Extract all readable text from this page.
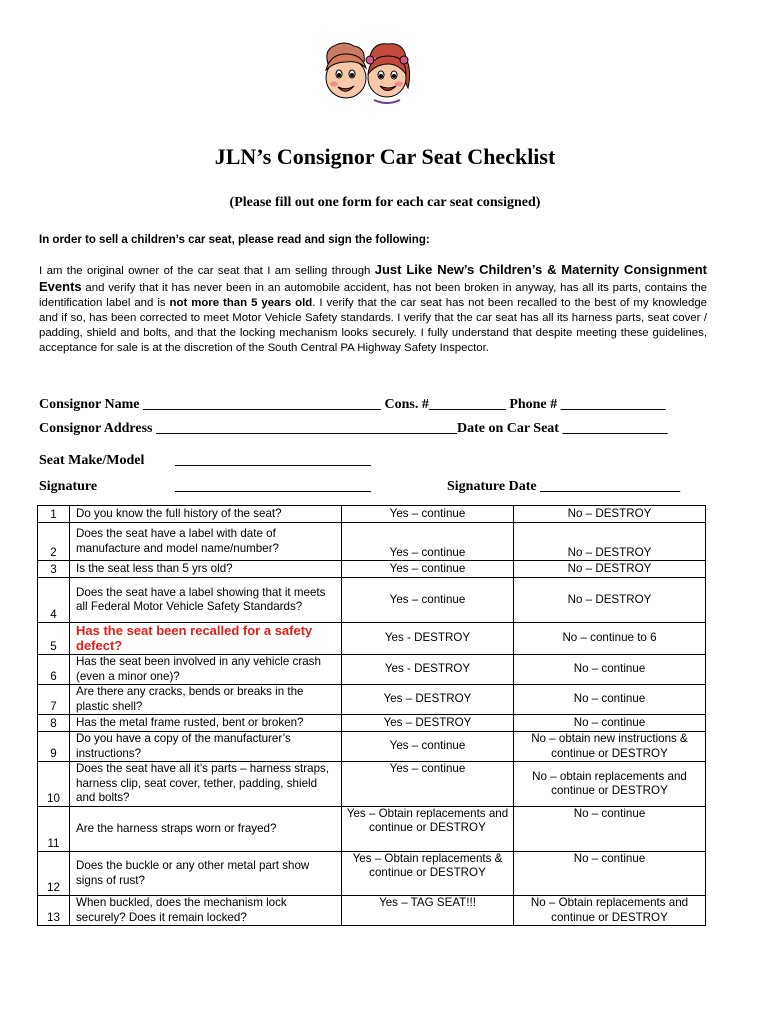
JLN’s Consignor Car Seat Checklist
(Please fill out one form for each car seat consigned)
In order to sell a children’s car seat, please read and sign the following:
I am the original owner of the car seat that I am selling through Just Like New’s Children’s & Maternity Consignment Events and verify that it has never been in an automobile accident, has not been broken in anyway, has all its parts, contains the identification label and is not more than 5 years old. I verify that the car seat has not been recalled to the best of my knowledge and if so, has been corrected to meet Motor Vehicle Safety standards. I verify that the car seat has all its harness parts, seat cover / padding, shield and bolts, and that the locking mechanism looks securely. I fully understand that despite meeting these guidelines, acceptance for sale is at the discretion of the South Central PA Highway Safety Inspector.
Consignor Name __________________________________ Cons. #___________ Phone # _______________
Consignor Address ___________________________________________Date on Car Seat _______________
Seat Make/Model ____________________________
Signature	____________________________	Signature Date ____________________
1	Do you know the full history of the seat?	Yes – continue	No – DESTROY
2	Does the seat have a label with date of manufacture and model name/number?	Yes – continue	No – DESTROY
3	Is the seat less than 5 yrs old?	Yes – continue	No – DESTROY
4	Does the seat have a label showing that it meets all Federal Motor Vehicle Safety Standards?	Yes – continue	No – DESTROY
5	Has the seat been recalled for a safety defect?	Yes - DESTROY	No – continue to 6
6	Has the seat been involved in any vehicle crash (even a minor one)?	Yes - DESTROY	No – continue
7	Are there any cracks, bends or breaks in the plastic shell?	Yes – DESTROY	No – continue
8	Has the metal frame rusted, bent or broken?	Yes – DESTROY	No – continue
9	Do you have a copy of the manufacturer’s instructions?	Yes – continue	No – obtain new instructions & continue or DESTROY
10	Does the seat have all it’s parts – harness straps, harness clip, seat cover, tether, padding, shield and bolts?	Yes – continue	No – obtain replacements and continue or DESTROY
11	Are the harness straps worn or frayed?	Yes – Obtain replacements and continue or DESTROY	No – continue
12	Does the buckle or any other metal part show signs of rust?	Yes – Obtain replacements & continue or DESTROY	No – continue
13	When buckled, does the mechanism lock securely? Does it remain locked?	Yes – TAG SEAT!!!	No – Obtain replacements and continue or DESTROY
